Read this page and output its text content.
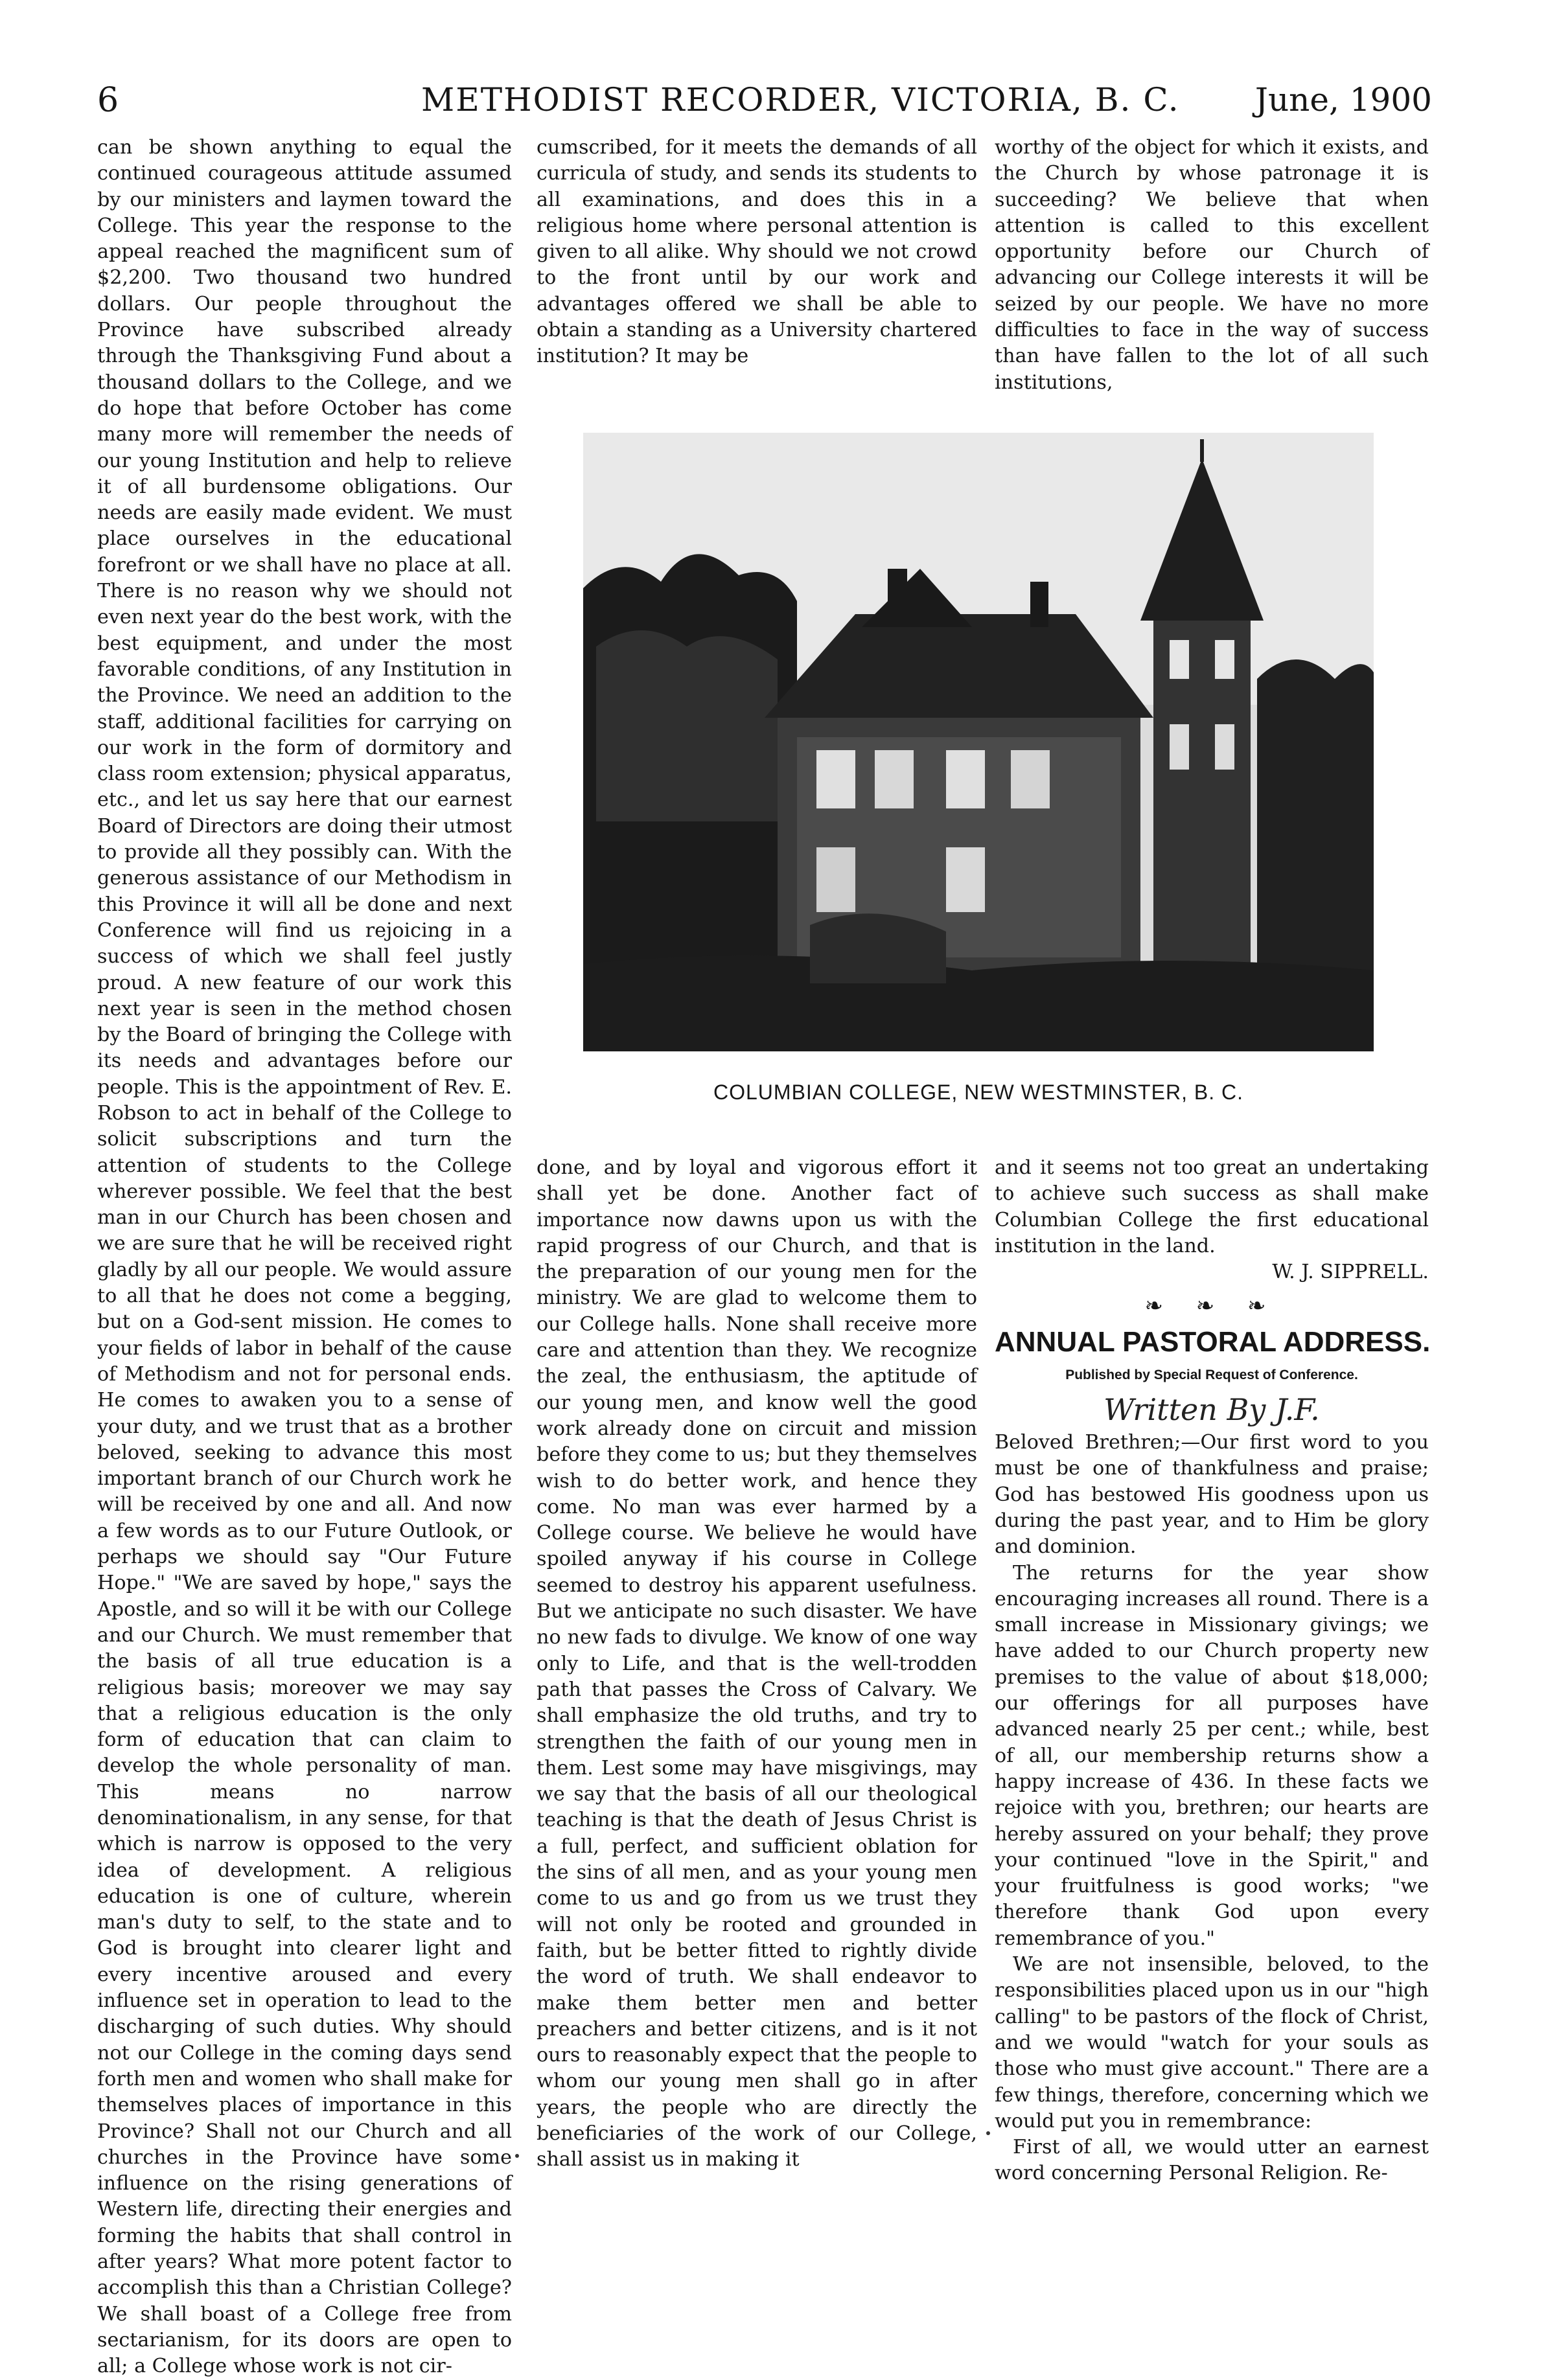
6	METHODIST RECORDER, VICTORIA, B. C. June, 1900

can be shown anything to equal the continued courageous attitude assumed by our ministers and laymen toward the College. This year the response to the appeal reached the magnificent sum of $2,200. Two thousand two hundred dollars. Our people throughout the Province have subscribed already through the Thanksgiving Fund about a thousand dollars to the College, and we do hope that before October has come many more will remember the needs of our young Institution and help to relieve it of all burdensome obligations. Our needs are easily made evident. We must place ourselves in the educational forefront or we shall have no place at all. There is no reason why we should not even next year do the best work, with the best equipment, and under the most favorable conditions, of any Institution in the Province. We need an addition to the staff, additional facilities for carrying on our work in the form of dormitory and class room extension; physical apparatus, etc., and let us say here that our earnest Board of Directors are doing their utmost to provide all they possibly can. With the generous assistance of our Methodism in this Province it will all be done and next Conference will find us rejoicing in a success of which we shall feel justly proud. A new feature of our work this next year is seen in the method chosen by the Board of bringing the College with its needs and advantages before our people. This is the appointment of Rev. E. Robson to act in behalf of the College to solicit subscriptions and turn the attention of students to the College wherever possible. We feel that the best man in our Church has been chosen and we are sure that he will be received right gladly by all our people. We would assure to all that he does not come a begging, but on a God-sent mission. He comes to your fields of labor in behalf of the cause of Methodism and not for personal ends. He comes to awaken you to a sense of your duty, and we trust that as a brother beloved, seeking to advance this most important branch of our Church work he will be received by one and all. And now a few words as to our Future Outlook, or perhaps we should say "Our Future Hope." "We are saved by hope," says the Apostle, and so will it be with our College and our Church. We must remember that the basis of all true education is a religious basis; moreover we may say that a religious education is the only form of education that can claim to develop the whole personality of man. This means no narrow denominationalism, in any sense, for that which is narrow is opposed to the very idea of development. A religious education is one of culture, wherein man's duty to self, to the state and to God is brought into clearer light and every incentive aroused and every influence set in operation to lead to the discharging of such duties. Why should not our College in the coming days send forth men and women who shall make for themselves places of importance in this Province? Shall not our Church and all churches in the Province have some influence on the rising generations of Western life, directing their energies and forming the habits that shall control in after years? What more potent factor to accomplish this than a Christian College? We shall boast of a College free from sectarianism, for its doors are open to all; a College whose work is not cir-

cumscribed, for it meets the demands of all curricula of study, and sends its students to all examinations, and does this in a religious home where personal attention is given to all alike. Why should we not crowd to the front until by our work and advantages offered we shall be able to obtain a standing as a University chartered institution? It may be

worthy of the object for which it exists, and the Church by whose patronage it is succeeding? We believe that when attention is called to this excellent opportunity before our Church of advancing our College interests it will be seized by our people. We have no more difficulties to face in the way of success than have fallen to the lot of all such institutions,

COLUMBIAN COLLEGE, NEW WESTMINSTER, B. C.

done, and by loyal and vigorous effort it shall yet be done. Another fact of importance now dawns upon us with the rapid progress of our Church, and that is the preparation of our young men for the ministry. We are glad to welcome them to our College halls. None shall receive more care and attention than they. We recognize the zeal, the enthusiasm, the aptitude of our young men, and know well the good work already done on circuit and mission before they come to us; but they themselves wish to do better work, and hence they come. No man was ever harmed by a College course. We believe he would have spoiled anyway if his course in College seemed to destroy his apparent usefulness. But we anticipate no such disaster. We have no new fads to divulge. We know of one way only to Life, and that is the well-trodden path that passes the Cross of Calvary. We shall emphasize the old truths, and try to strengthen the faith of our young men in them. Lest some may have misgivings, may we say that the basis of all our theological teaching is that the death of Jesus Christ is a full, perfect, and sufficient oblation for the sins of all men, and as your young men come to us and go from us we trust they will not only be rooted and grounded in faith, but be better fitted to rightly divide the word of truth. We shall endeavor to make them better men and better preachers and better citizens, and is it not ours to reasonably expect that the people to whom our young men shall go in after years, the people who are directly the beneficiaries of the work of our College, shall assist us in making it

and it seems not too great an undertaking to achieve such success as shall make Columbian College the first educational institution in the land.

W. J. SIPPRELL.

❧ ❧ ❧
ANNUAL PASTORAL ADDRESS.
Published by Special Request of Conference.
Written By J.F.

Beloved Brethren;—Our first word to you must be one of thankfulness and praise; God has bestowed His goodness upon us during the past year, and to Him be glory and dominion.

The returns for the year show encouraging increases all round. There is a small increase in Missionary givings; we have added to our Church property new premises to the value of about $18,000; our offerings for all purposes have advanced nearly 25 per cent.; while, best of all, our membership returns show a happy increase of 436. In these facts we rejoice with you, brethren; our hearts are hereby assured on your behalf; they prove your continued "love in the Spirit," and your fruitfulness is good works; "we therefore thank God upon every remembrance of you."

We are not insensible, beloved, to the responsibilities placed upon us in our "high calling" to be pastors of the flock of Christ, and we would "watch for your souls as those who must give account." There are a few things, therefore, concerning which we would put you in remembrance:

First of all, we would utter an earnest word concerning Personal Religion. Re-
